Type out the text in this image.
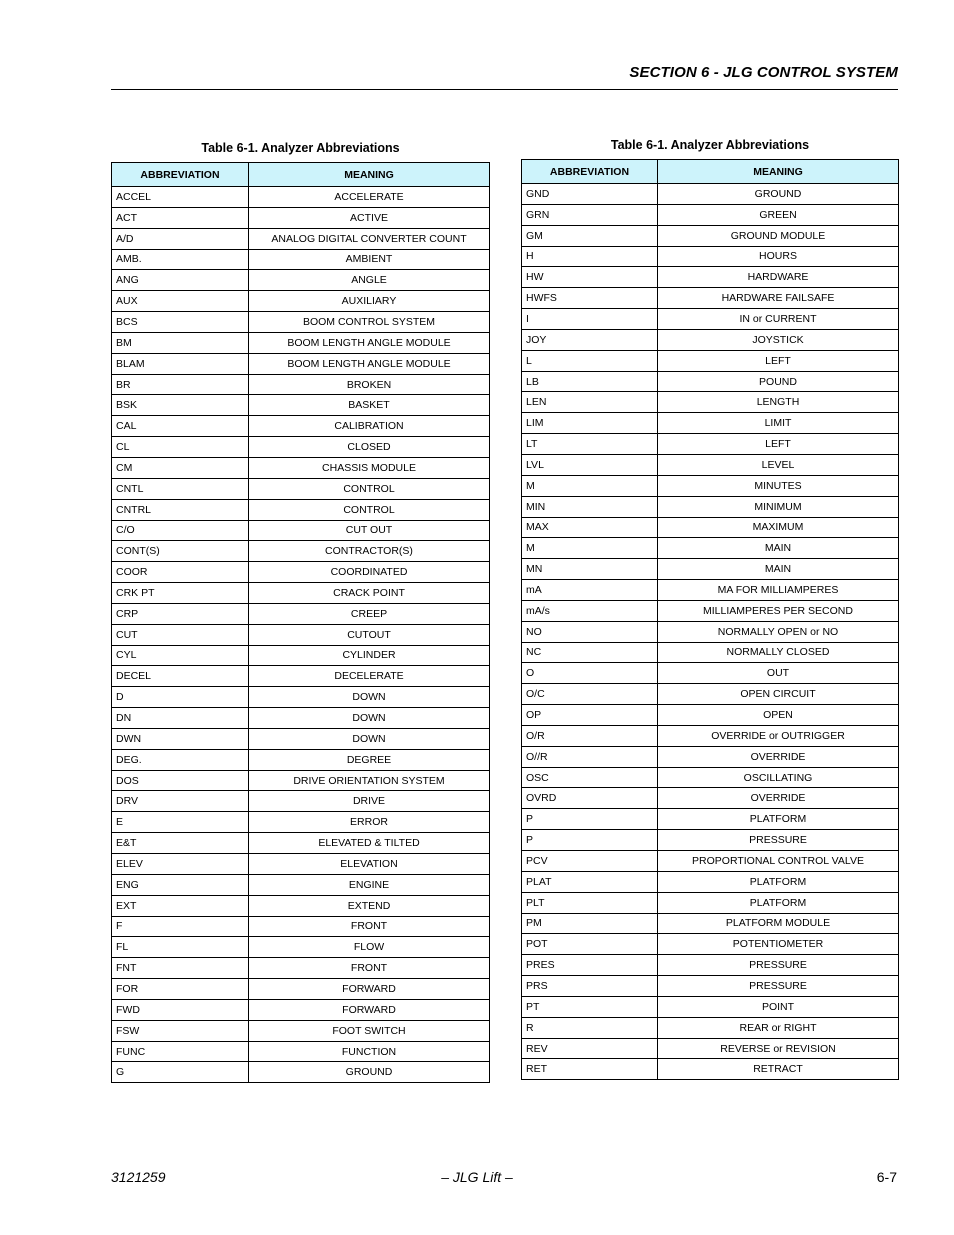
SECTION 6 - JLG CONTROL SYSTEM
Table 6-1. Analyzer Abbreviations
ABBREVIATION	MEANING
ACCEL	ACCELERATE
ACT	ACTIVE
A/D	ANALOG DIGITAL CONVERTER COUNT
AMB.	AMBIENT
ANG	ANGLE
AUX	AUXILIARY
BCS	BOOM CONTROL SYSTEM
BM	BOOM LENGTH ANGLE MODULE
BLAM	BOOM LENGTH ANGLE MODULE
BR	BROKEN
BSK	BASKET
CAL	CALIBRATION
CL	CLOSED
CM	CHASSIS MODULE
CNTL	CONTROL
CNTRL	CONTROL
C/O	CUT OUT
CONT(S)	CONTRACTOR(S)
COOR	COORDINATED
CRK PT	CRACK POINT
CRP	CREEP
CUT	CUTOUT
CYL	CYLINDER
DECEL	DECELERATE
D	DOWN
DN	DOWN
DWN	DOWN
DEG.	DEGREE
DOS	DRIVE ORIENTATION SYSTEM
DRV	DRIVE
E	ERROR
E&T	ELEVATED & TILTED
ELEV	ELEVATION
ENG	ENGINE
EXT	EXTEND
F	FRONT
FL	FLOW
FNT	FRONT
FOR	FORWARD
FWD	FORWARD
FSW	FOOT SWITCH
FUNC	FUNCTION
G	GROUND
Table 6-1. Analyzer Abbreviations
ABBREVIATION	MEANING
GND	GROUND
GRN	GREEN
GM	GROUND MODULE
H	HOURS
HW	HARDWARE
HWFS	HARDWARE FAILSAFE
I	IN or CURRENT
JOY	JOYSTICK
L	LEFT
LB	POUND
LEN	LENGTH
LIM	LIMIT
LT	LEFT
LVL	LEVEL
M	MINUTES
MIN	MINIMUM
MAX	MAXIMUM
M	MAIN
MN	MAIN
mA	MA FOR MILLIAMPERES
mA/s	MILLIAMPERES PER SECOND
NO	NORMALLY OPEN or NO
NC	NORMALLY CLOSED
O	OUT
O/C	OPEN CIRCUIT
OP	OPEN
O/R	OVERRIDE or OUTRIGGER
O//R	OVERRIDE
OSC	OSCILLATING
OVRD	OVERRIDE
P	PLATFORM
P	PRESSURE
PCV	PROPORTIONAL CONTROL VALVE
PLAT	PLATFORM
PLT	PLATFORM
PM	PLATFORM MODULE
POT	POTENTIOMETER
PRES	PRESSURE
PRS	PRESSURE
PT	POINT
R	REAR or RIGHT
REV	REVERSE or REVISION
RET	RETRACT
3121259	– JLG Lift –	6-7
